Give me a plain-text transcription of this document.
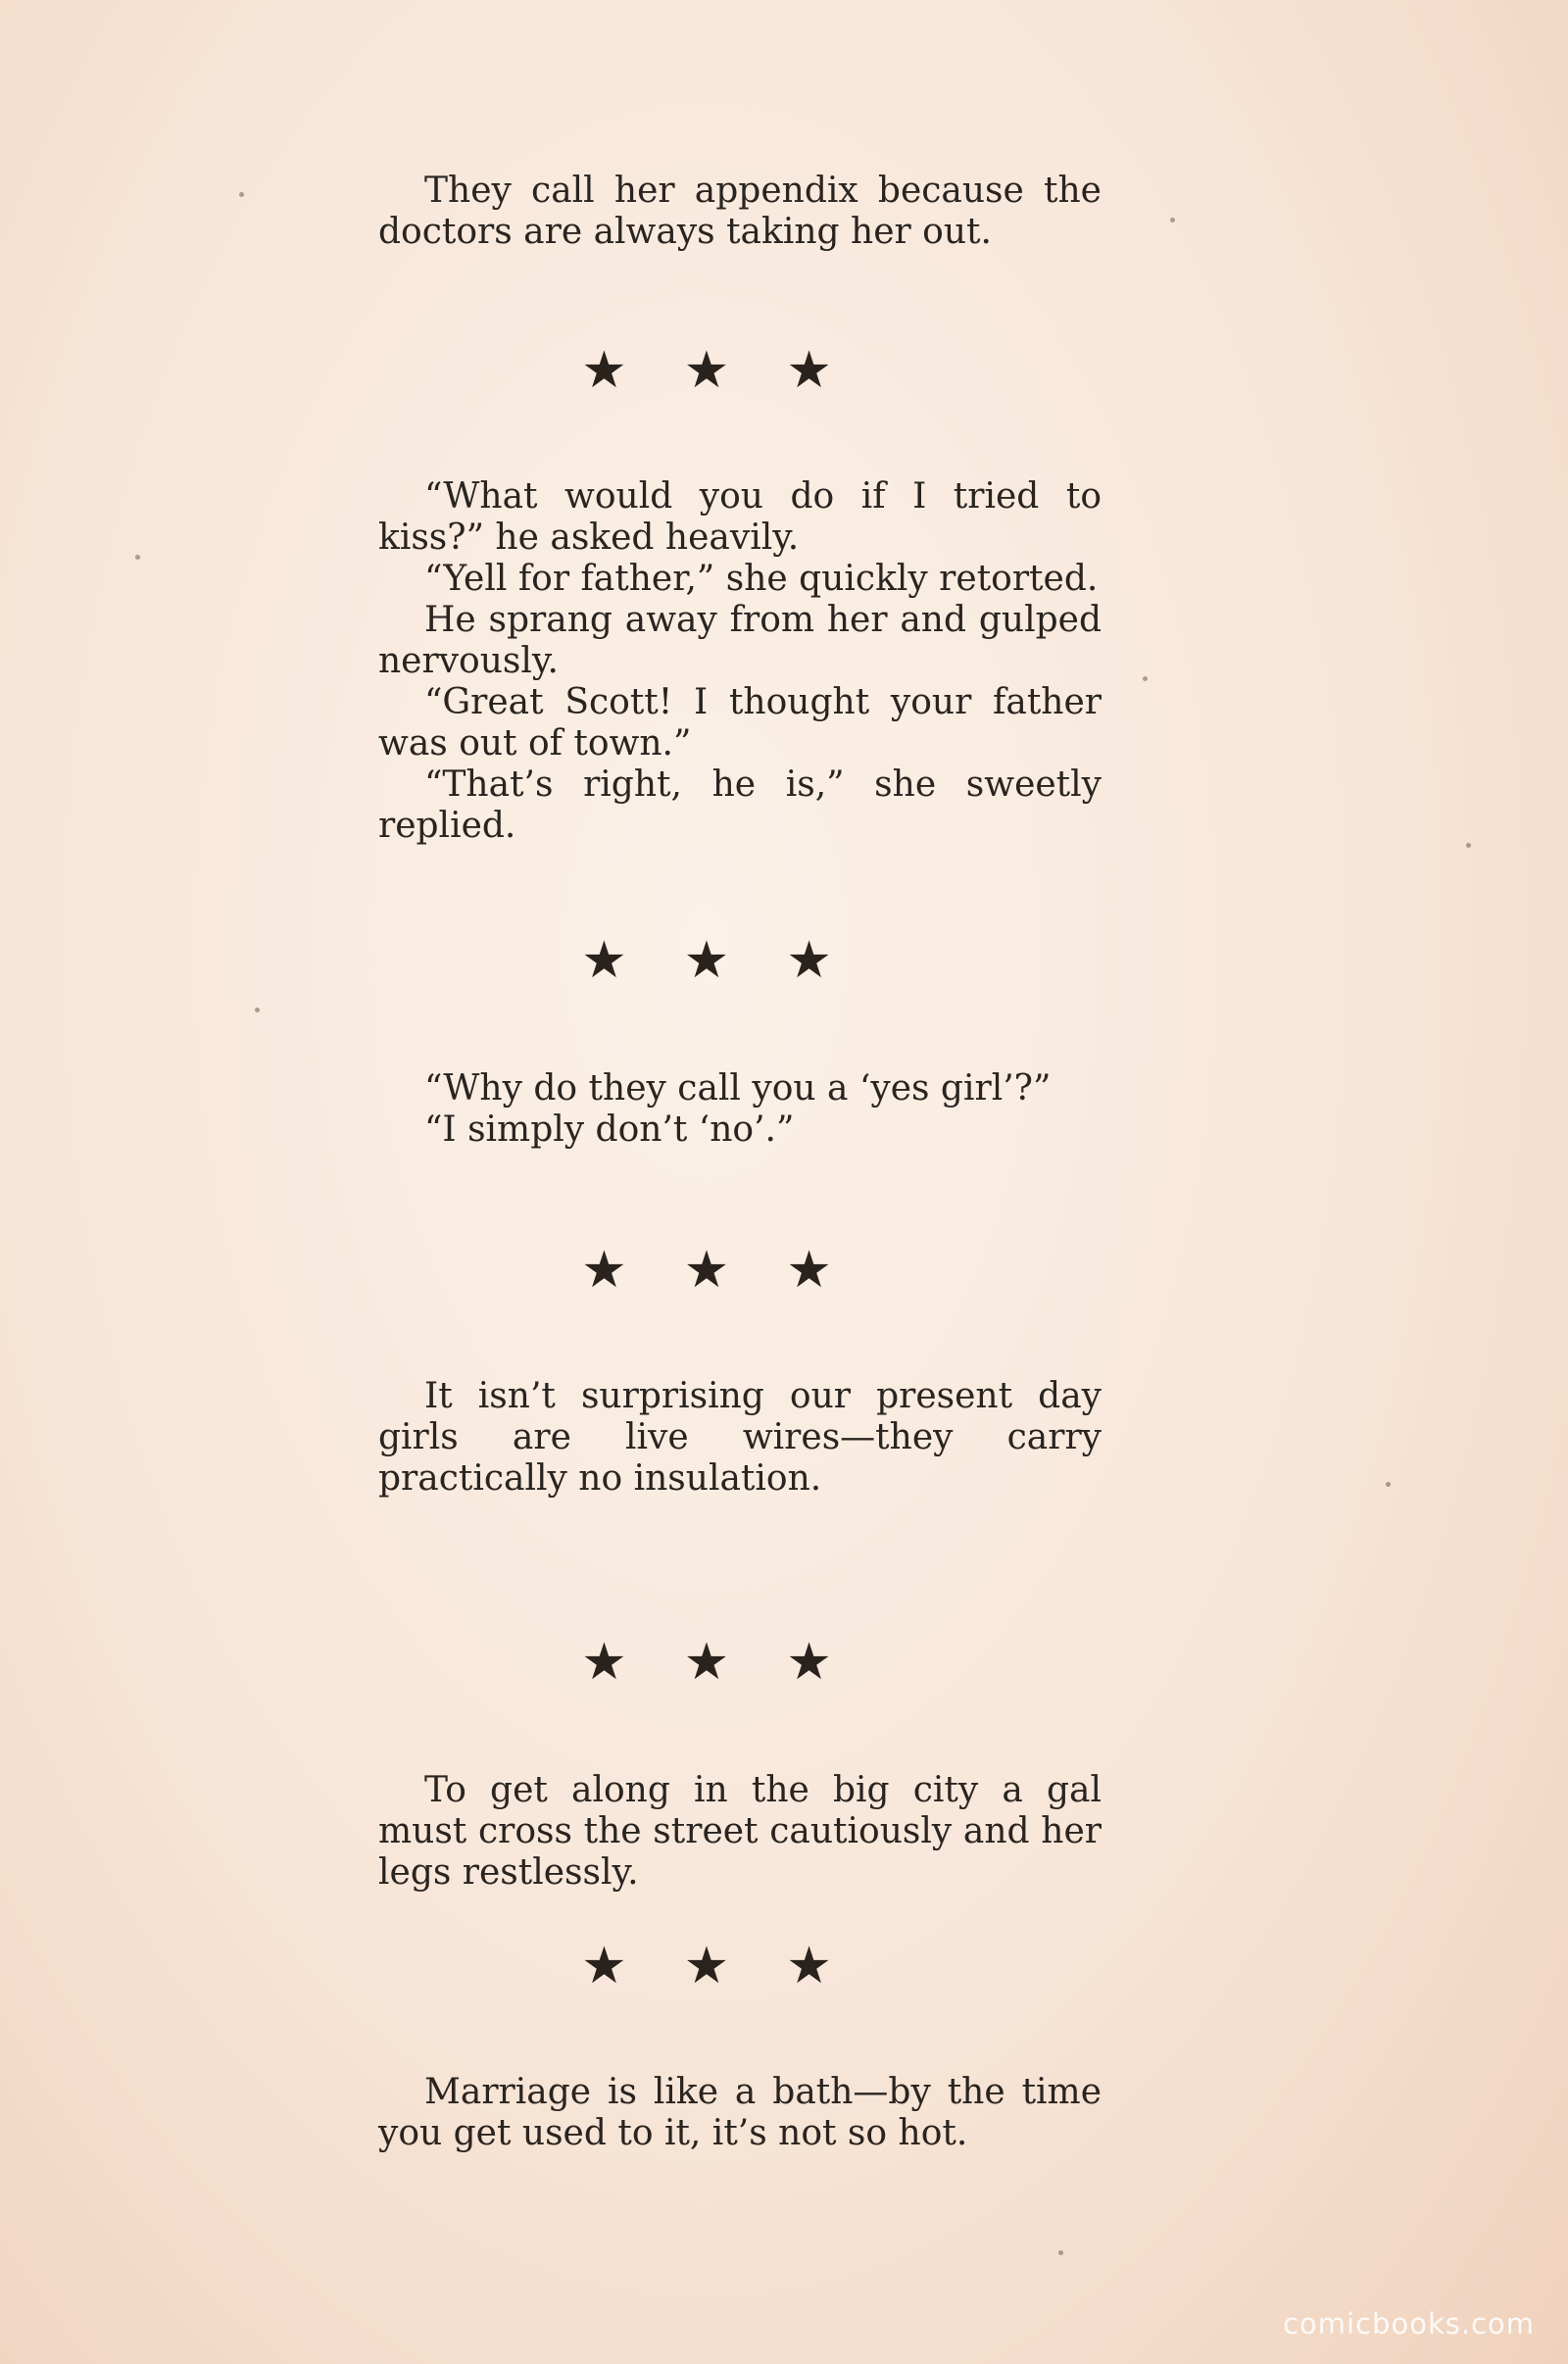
They call her appendix because the doctors are always taking her out.

★★★

“What would you do if I tried to kiss?” he asked heavily.

“Yell for father,” she quickly retorted.

He sprang away from her and gulped nervously.

“Great Scott! I thought your father was out of town.”

“That’s right, he is,” she sweetly replied.

★★★

“Why do they call you a ‘yes girl’?”

“I simply don’t ‘no’.”

★★★

It isn’t surprising our present day girls are live wires—they carry practically no insulation.

★★★

To get along in the big city a gal must cross the street cautiously and her legs restlessly.

★★★

Marriage is like a bath—by the time you get used to it, it’s not so hot.

comicbooks.com
